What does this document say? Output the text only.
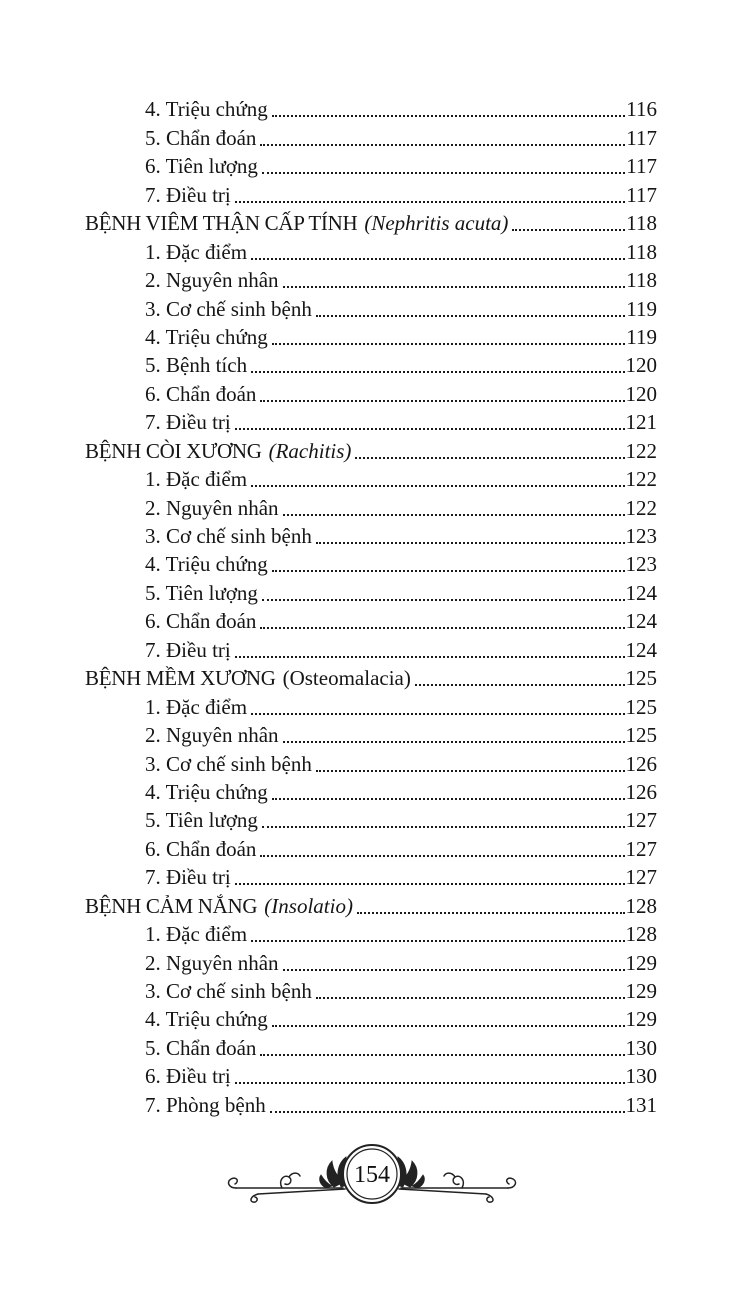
4. Triệu chứng	116
5. Chẩn đoán	117
6. Tiên lượng	117
7. Điều trị	117
BỆNH VIÊM THẬN CẤP TÍNH (Nephritis acuta)	118
1. Đặc điểm	118
2. Nguyên nhân	118
3. Cơ chế sinh bệnh	119
4. Triệu chứng	119
5. Bệnh tích	120
6. Chẩn đoán	120
7. Điều trị	121
BỆNH CÒI XƯƠNG (Rachitis)	122
1. Đặc điểm	122
2. Nguyên nhân	122
3. Cơ chế sinh bệnh	123
4. Triệu chứng	123
5. Tiên lượng	124
6. Chẩn đoán	124
7. Điều trị	124
BỆNH MỀM XƯƠNG (Osteomalacia)	125
1. Đặc điểm	125
2. Nguyên nhân	125
3. Cơ chế sinh bệnh	126
4. Triệu chứng	126
5. Tiên lượng	127
6. Chẩn đoán	127
7. Điều trị	127
BỆNH CẢM NẮNG (Insolatio)	128
1. Đặc điểm	128
2. Nguyên nhân	129
3. Cơ chế sinh bệnh	129
4. Triệu chứng	129
5. Chẩn đoán	130
6. Điều trị	130
7. Phòng bệnh	131
154
